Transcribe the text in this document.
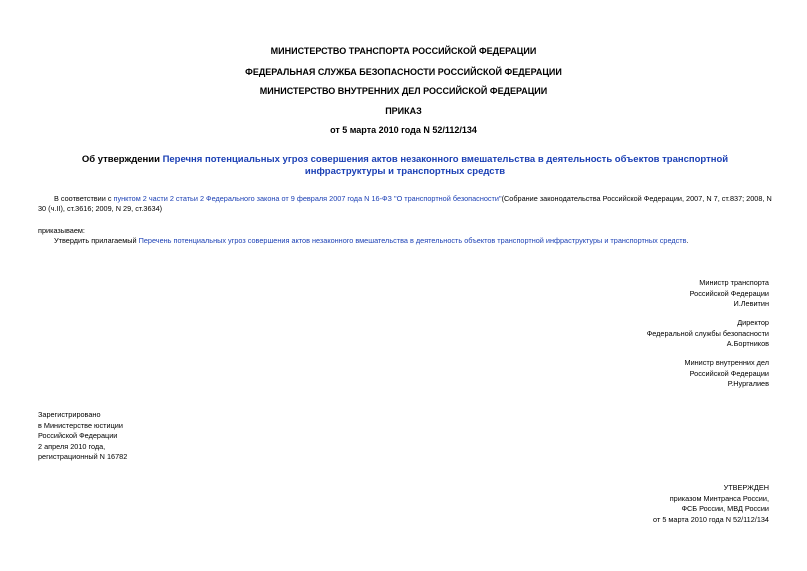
МИНИСТЕРСТВО ТРАНСПОРТА РОССИЙСКОЙ ФЕДЕРАЦИИ
ФЕДЕРАЛЬНАЯ СЛУЖБА БЕЗОПАСНОСТИ РОССИЙСКОЙ ФЕДЕРАЦИИ
МИНИСТЕРСТВО ВНУТРЕННИХ ДЕЛ РОССИЙСКОЙ ФЕДЕРАЦИИ
ПРИКАЗ
от 5 марта 2010 года N 52/112/134
Об утверждении Перечня потенциальных угроз совершения актов незаконного вмешательства в деятельность объектов транспортной инфраструктуры и транспортных средств
В соответствии с пунктом 2 части 2 статьи 2 Федерального закона от 9 февраля 2007 года N 16-ФЗ "О транспортной безопасности"(Собрание законодательства Российской Федерации, 2007, N 7, ст.837; 2008, N 30 (ч.II), ст.3616; 2009, N 29, ст.3634)
приказываем:
Утвердить прилагаемый Перечень потенциальных угроз совершения актов незаконного вмешательства в деятельность объектов транспортной инфраструктуры и транспортных средств.
Министр транспорта
Российской Федерации
И.Левитин
Директор
Федеральной службы безопасности
А.Бортников
Министр внутренних дел
Российской Федерации
Р.Нургалиев
Зарегистрировано
в Министерстве юстиции
Российской Федерации
2 апреля 2010 года,
регистрационный N 16782
УТВЕРЖДЕН
приказом Минтранса России,
ФСБ России, МВД России
от 5 марта 2010 года N 52/112/134
